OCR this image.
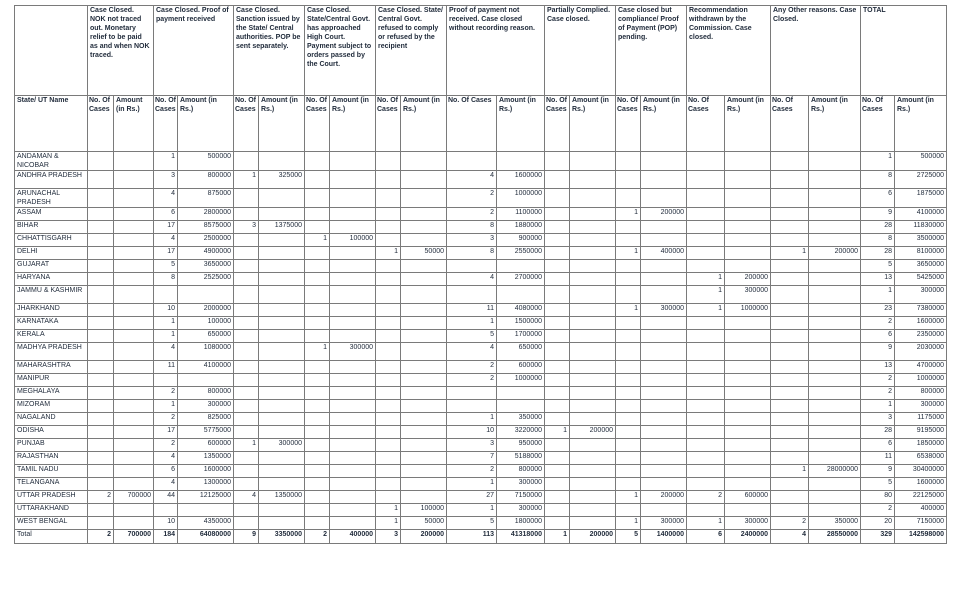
	Case Closed. NOK not traced out. Monetary relief to be paid as and when NOK traced.		Case Closed. Proof of payment received		Case Closed. Sanction issued by the State/ Central authorities. POP be sent separately.		Case Closed. State/Central Govt. has approached High Court. Payment subject to orders passed by the Court.		Case Closed. State/ Central Govt. refused to comply or refused by the recipient		Proof of payment not received. Case closed without recording reason.		Partially Complied. Case closed.		Case closed but compliance/ Proof of Payment (POP) pending.		Recommendation withdrawn by the Commission. Case closed.		Any Other reasons. Case Closed.		TOTAL	
State/ UT Name	No. Of Cases	Amount (in Rs.)	No. Of Cases	Amount (in Rs.)	No. Of Cases	Amount (in Rs.)	No. Of Cases	Amount (in Rs.)	No. Of Cases	Amount (in Rs.)	No. Of Cases	Amount (in Rs.)	No. Of Cases	Amount (in Rs.)	No. Of Cases	Amount (in Rs.)	No. Of Cases	Amount (in Rs.)	No. Of Cases	Amount (in Rs.)	No. Of Cases	Amount (in Rs.)
ANDAMAN & NICOBAR			1	500000																	1	500000
ANDHRA PRADESH			3	800000	1	325000					4	1600000									8	2725000
ARUNACHAL PRADESH			4	875000							2	1000000									6	1875000
ASSAM			6	2800000							2	1100000			1	200000					9	4100000
BIHAR			17	8575000	3	1375000					8	1880000									28	11830000
CHHATTISGARH			4	2500000			1	100000			3	900000									8	3500000
DELHI			17	4900000					1	50000	8	2550000			1	400000			1	200000	28	8100000
GUJARAT			5	3650000																	5	3650000
HARYANA			8	2525000							4	2700000					1	200000			13	5425000
JAMMU & KASHMIR																	1	300000			1	300000
JHARKHAND			10	2000000							11	4080000			1	300000	1	1000000			23	7380000
KARNATAKA			1	100000							1	1500000									2	1600000
KERALA			1	650000							5	1700000									6	2350000
MADHYA PRADESH			4	1080000			1	300000			4	650000									9	2030000
MAHARASHTRA			11	4100000							2	600000									13	4700000
MANIPUR											2	1000000									2	1000000
MEGHALAYA			2	800000																	2	800000
MIZORAM			1	300000																	1	300000
NAGALAND			2	825000							1	350000									3	1175000
ODISHA			17	5775000							10	3220000	1	200000							28	9195000
PUNJAB			2	600000	1	300000					3	950000									6	1850000
RAJASTHAN			4	1350000							7	5188000									11	6538000
TAMIL NADU			6	1600000							2	800000							1	28000000	9	30400000
TELANGANA			4	1300000							1	300000									5	1600000
UTTAR PRADESH	2	700000	44	12125000	4	1350000					27	7150000			1	200000	2	600000			80	22125000
UTTARAKHAND									1	100000	1	300000									2	400000
WEST BENGAL			10	4350000					1	50000	5	1800000			1	300000	1	300000	2	350000	20	7150000
Total	2	700000	184	64080000	9	3350000	2	400000	3	200000	113	41318000	1	200000	5	1400000	6	2400000	4	28550000	329	142598000
